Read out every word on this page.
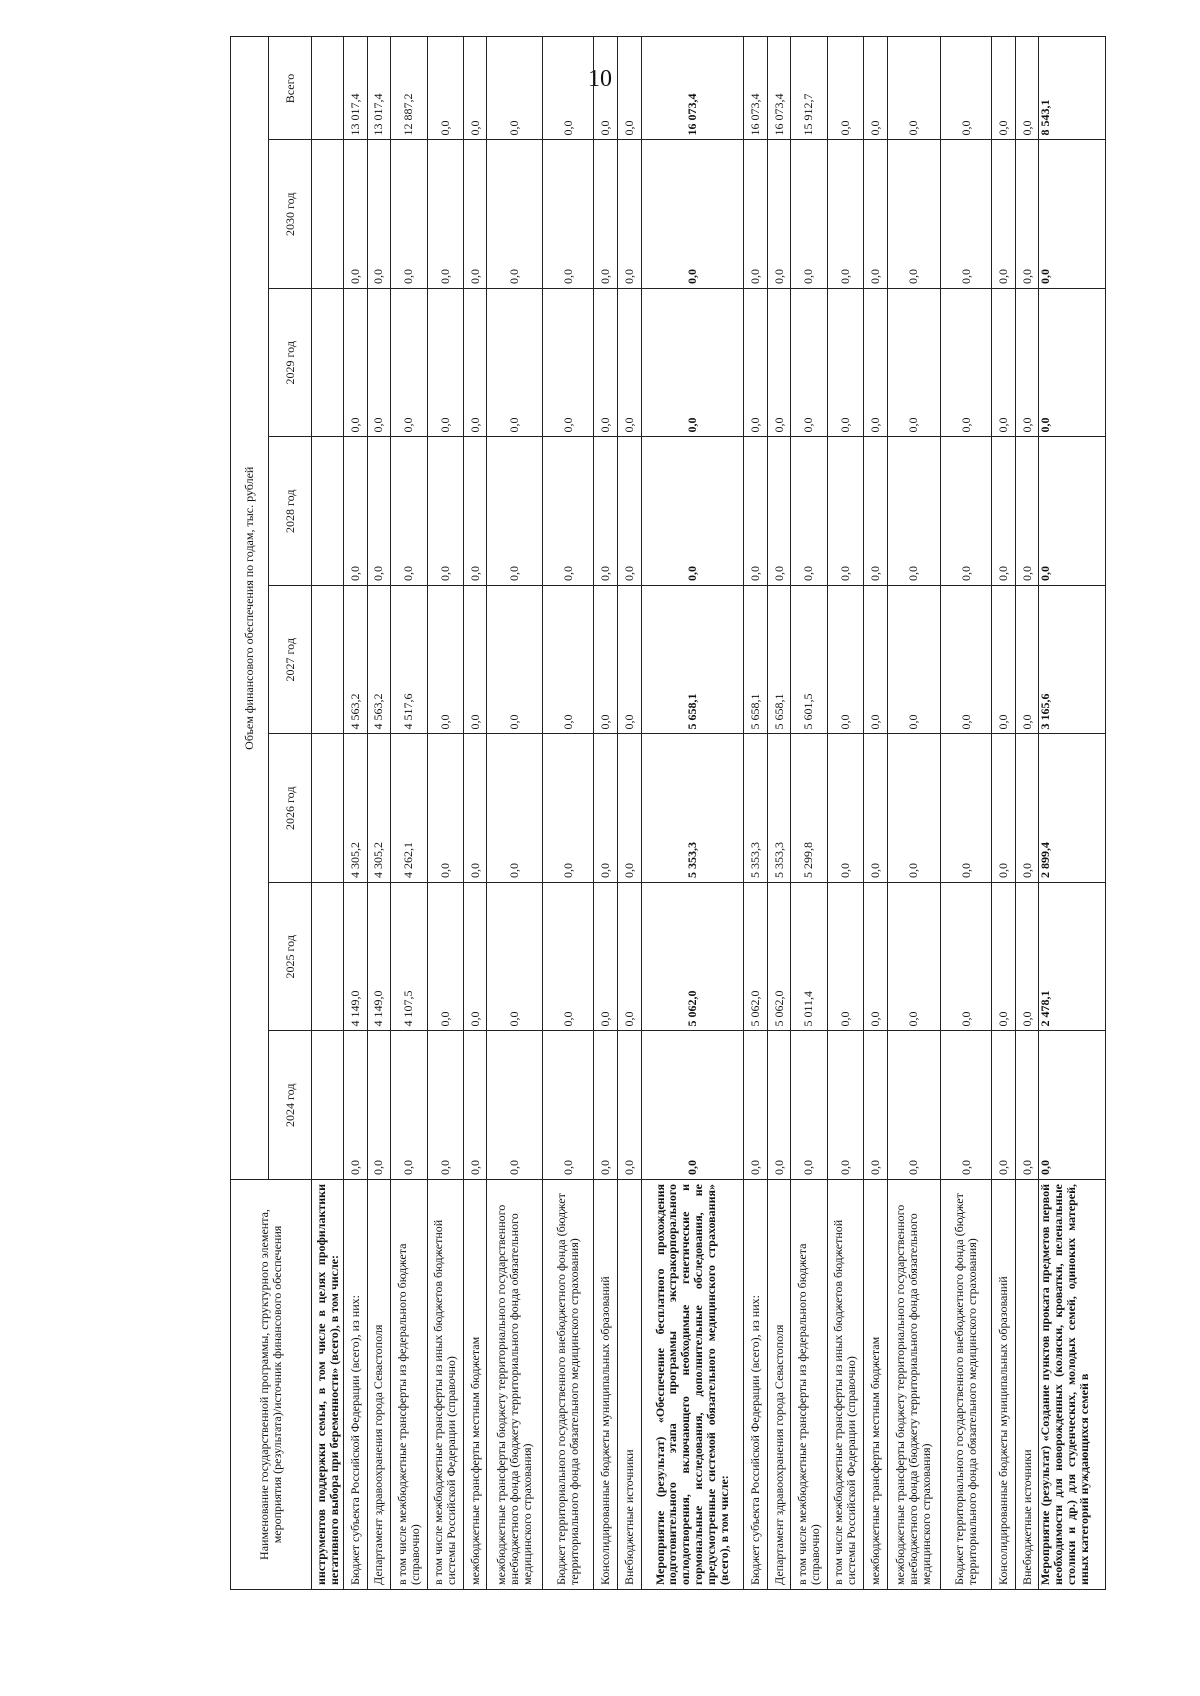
10
Наименование государственной программы, структурного элемента, мероприятия (результата)/источник финансового обеспечения	Объем финансового обеспечения по годам, тыс. рублей							
	2024 год	2025 год	2026 год	2027 год	2028 год	2029 год	2030 год	Всего
инструментов поддержки семьи, в том числе в целях профилактики негативного выбора при беременности» (всего), в том числе:								
Бюджет субъекта Российской Федерации (всего), из них:	0,0	4 149,0	4 305,2	4 563,2	0,0	0,0	0,0	13 017,4
Департамент здравоохранения города Севастополя	0,0	4 149,0	4 305,2	4 563,2	0,0	0,0	0,0	13 017,4
в том числе межбюджетные трансферты из федерального бюджета (справочно)	0,0	4 107,5	4 262,1	4 517,6	0,0	0,0	0,0	12 887,2
в том числе межбюджетные трансферты из иных бюджетов бюджетной системы Российской Федерации (справочно)	0,0	0,0	0,0	0,0	0,0	0,0	0,0	0,0
межбюджетные трансферты местным бюджетам	0,0	0,0	0,0	0,0	0,0	0,0	0,0	0,0
межбюджетные трансферты бюджету территориального государственного внебюджетного фонда (бюджету территориального фонда обязательного медицинского страхования)	0,0	0,0	0,0	0,0	0,0	0,0	0,0	0,0
Бюджет территориального государственного внебюджетного фонда (бюджет территориального фонда обязательного медицинского страхования)	0,0	0,0	0,0	0,0	0,0	0,0	0,0	0,0
Консолидированные бюджеты муниципальных образований	0,0	0,0	0,0	0,0	0,0	0,0	0,0	0,0
Внебюджетные источники	0,0	0,0	0,0	0,0	0,0	0,0	0,0	0,0
Мероприятие (результат) «Обеспечение бесплатного прохождения подготовительного этапа программы экстракорпорального оплодотворения, включающего необходимые генетические и гормональные исследования, дополнительные обследования, не предусмотренные системой обязательного медицинского страхования» (всего), в том числе:	0,0	5 062,0	5 353,3	5 658,1	0,0	0,0	0,0	16 073,4
Бюджет субъекта Российской Федерации (всего), из них:	0,0	5 062,0	5 353,3	5 658,1	0,0	0,0	0,0	16 073,4
Департамент здравоохранения города Севастополя	0,0	5 062,0	5 353,3	5 658,1	0,0	0,0	0,0	16 073,4
в том числе межбюджетные трансферты из федерального бюджета (справочно)	0,0	5 011,4	5 299,8	5 601,5	0,0	0,0	0,0	15 912,7
в том числе межбюджетные трансферты из иных бюджетов бюджетной системы Российской Федерации (справочно)	0,0	0,0	0,0	0,0	0,0	0,0	0,0	0,0
межбюджетные трансферты местным бюджетам	0,0	0,0	0,0	0,0	0,0	0,0	0,0	0,0
межбюджетные трансферты бюджету территориального государственного внебюджетного фонда (бюджету территориального фонда обязательного медицинского страхования)	0,0	0,0	0,0	0,0	0,0	0,0	0,0	0,0
Бюджет территориального государственного внебюджетного фонда (бюджет территориального фонда обязательного медицинского страхования)	0,0	0,0	0,0	0,0	0,0	0,0	0,0	0,0
Консолидированные бюджеты муниципальных образований	0,0	0,0	0,0	0,0	0,0	0,0	0,0	0,0
Внебюджетные источники	0,0	0,0	0,0	0,0	0,0	0,0	0,0	0,0
Мероприятие (результат) «Создание пунктов проката предметов первой необходимости для новорожденных (коляски, кроватки, пеленальные столики и др.) для студенческих, молодых семей, одиноких матерей, иных категорий нуждающихся семей в	0,0	2 478,1	2 899,4	3 165,6	0,0	0,0	0,0	8 543,1
